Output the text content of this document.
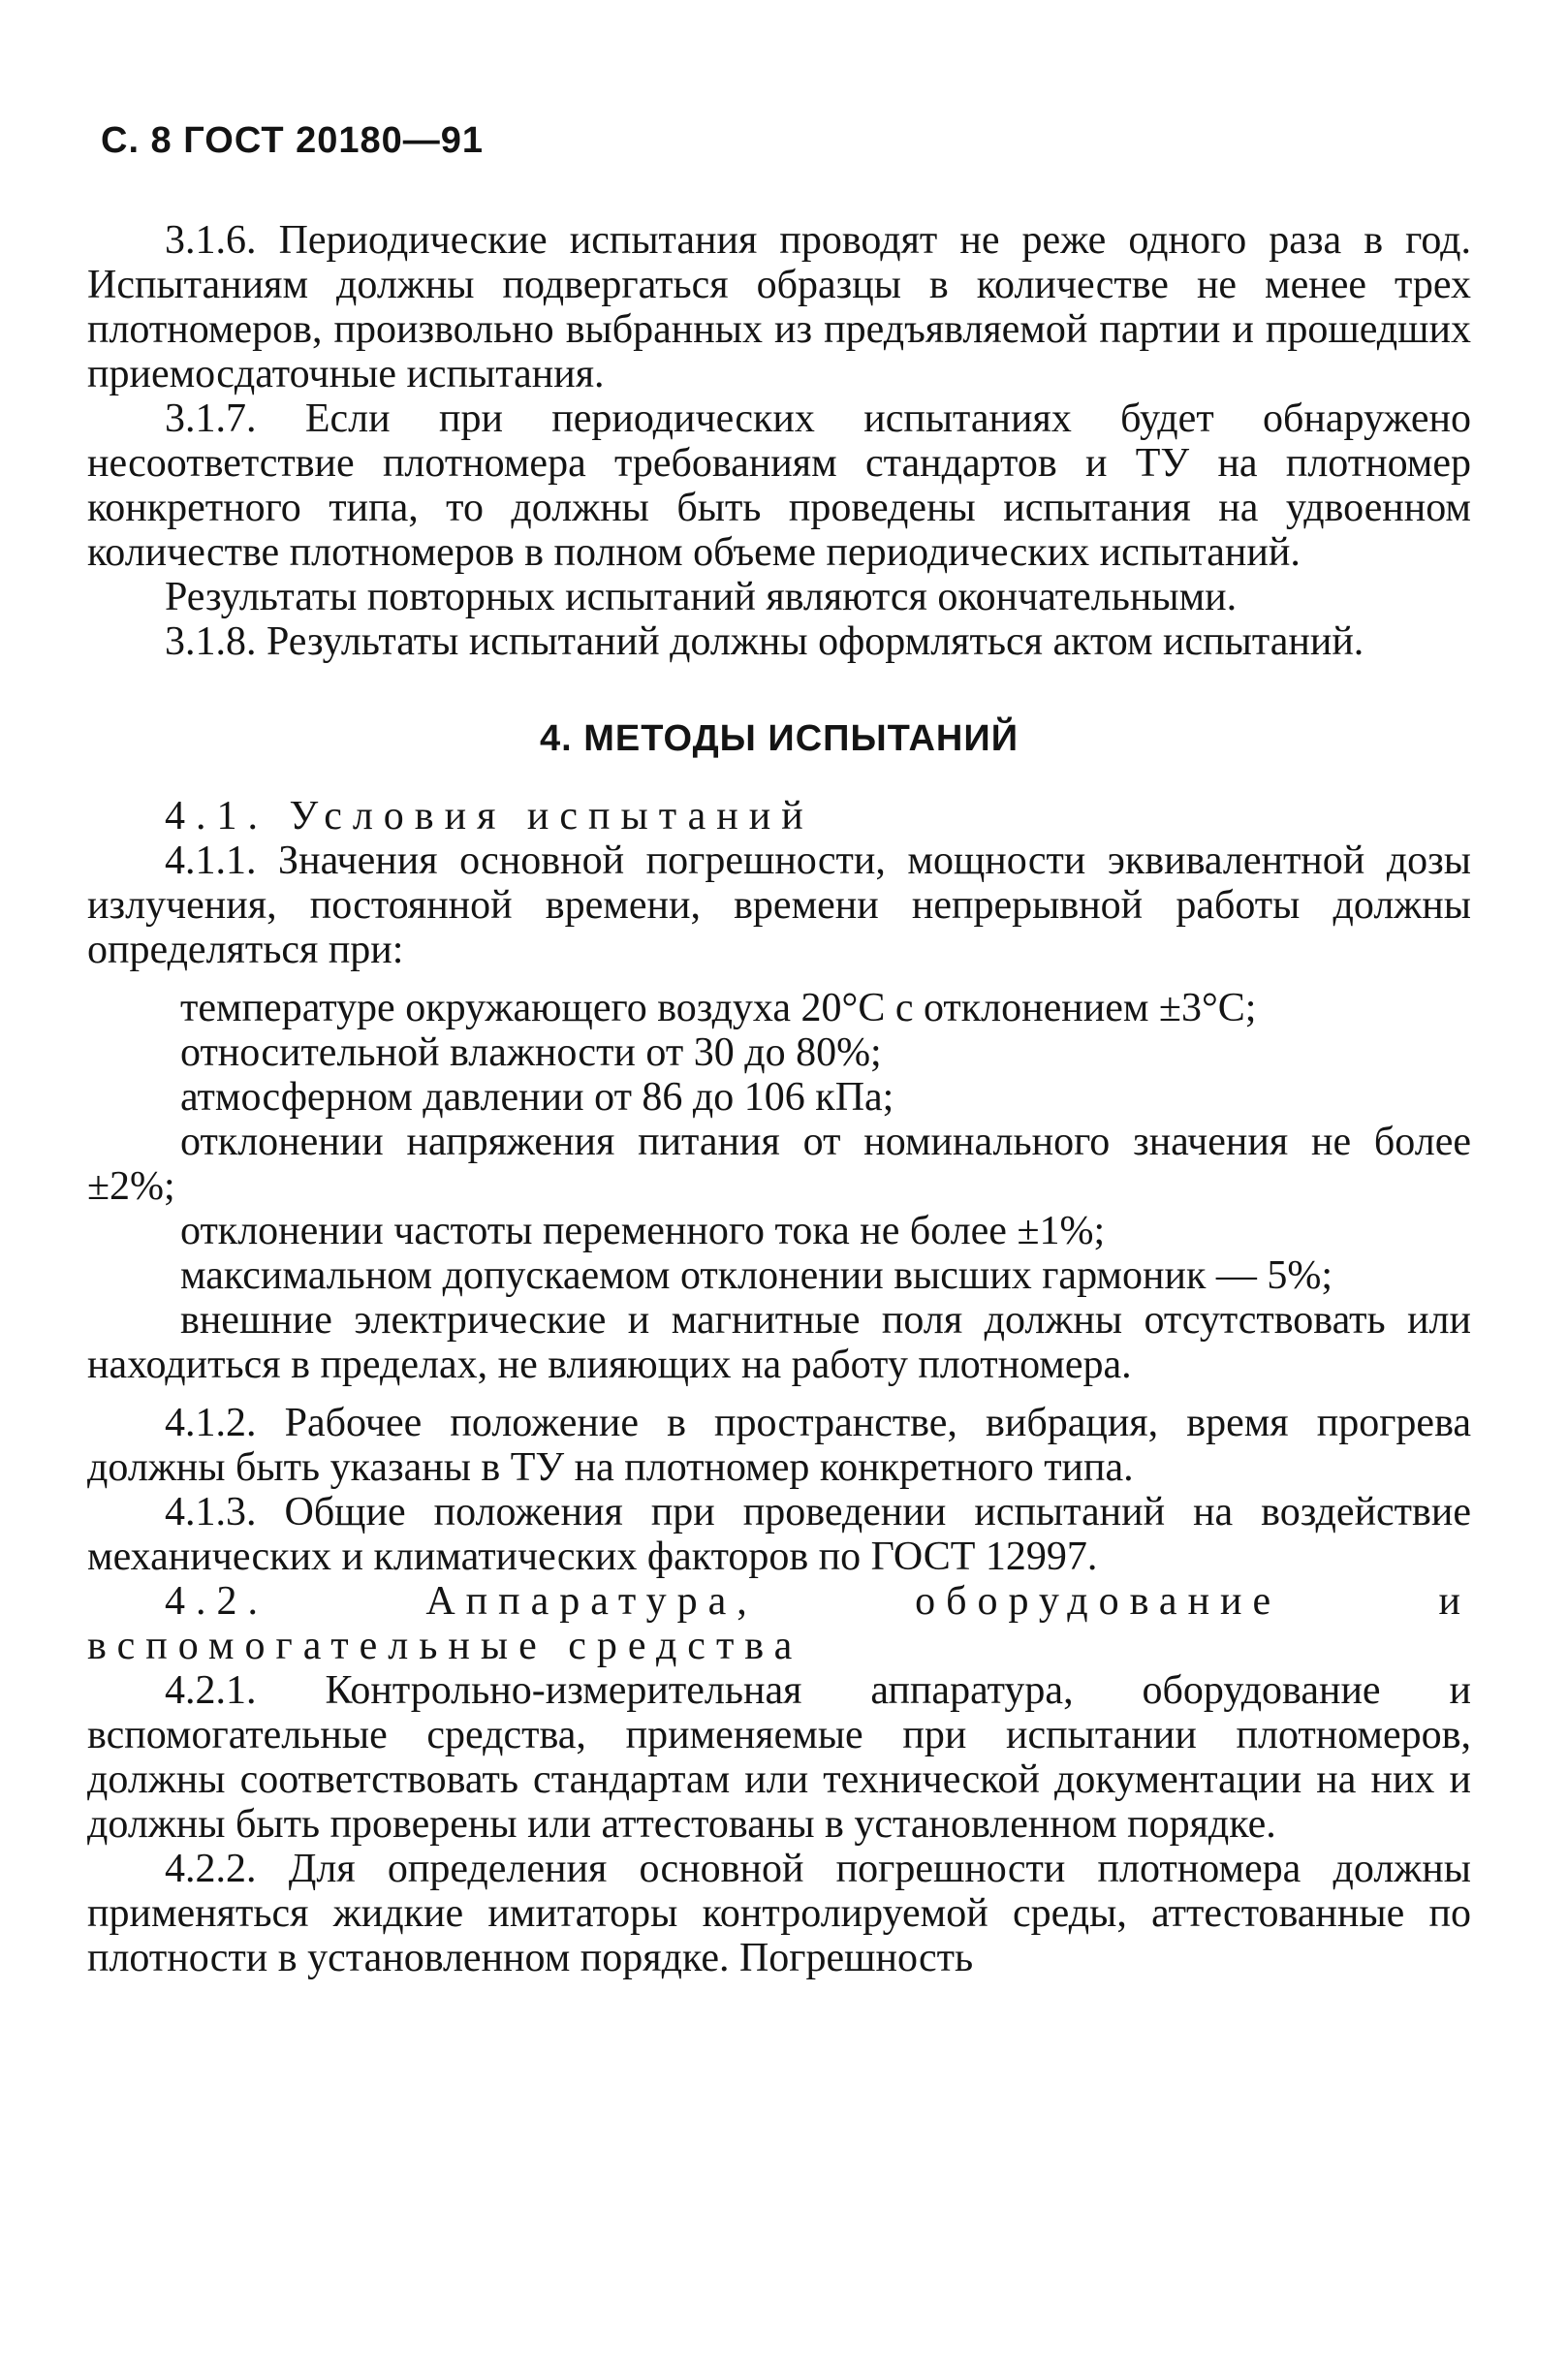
С. 8 ГОСТ 20180—91

3.1.6. Периодические испытания проводят не реже одного раза в год. Испытаниям должны подвергаться образцы в количестве не менее трех плотномеров, произвольно выбранных из предъявляемой партии и прошедших приемосдаточные испытания.

3.1.7. Если при периодических испытаниях будет обнаружено несоответствие плотномера требованиям стандартов и ТУ на плотномер конкретного типа, то должны быть проведены испытания на удвоенном количестве плотномеров в полном объеме периодических испытаний.

Результаты повторных испытаний являются окончательными.

3.1.8. Результаты испытаний должны оформляться актом испытаний.

4. МЕТОДЫ ИСПЫТАНИЙ

4.1. Условия испытаний

4.1.1. Значения основной погрешности, мощности эквивалентной дозы излучения, постоянной времени, времени непрерывной работы должны определяться при:

температуре окружающего воздуха 20°С с отклонением ±3°С;

относительной влажности от 30 до 80%;

атмосферном давлении от 86 до 106 кПа;

отклонении напряжения питания от номинального значения не более ±2%;

отклонении частоты переменного тока не более ±1%;

максимальном допускаемом отклонении высших гармоник — 5%;

внешние электрические и магнитные поля должны отсутствовать или находиться в пределах, не влияющих на работу плотномера.

4.1.2. Рабочее положение в пространстве, вибрация, время прогрева должны быть указаны в ТУ на плотномер конкретного типа.

4.1.3. Общие положения при проведении испытаний на воздействие механических и климатических факторов по ГОСТ 12997.

4.2. Аппаратура, оборудование и вспомогательные средства

4.2.1. Контрольно-измерительная аппаратура, оборудование и вспомогательные средства, применяемые при испытании плотномеров, должны соответствовать стандартам или технической документации на них и должны быть проверены или аттестованы в установленном порядке.

4.2.2. Для определения основной погрешности плотномера должны применяться жидкие имитаторы контролируемой среды, аттестованные по плотности в установленном порядке. Погрешность
